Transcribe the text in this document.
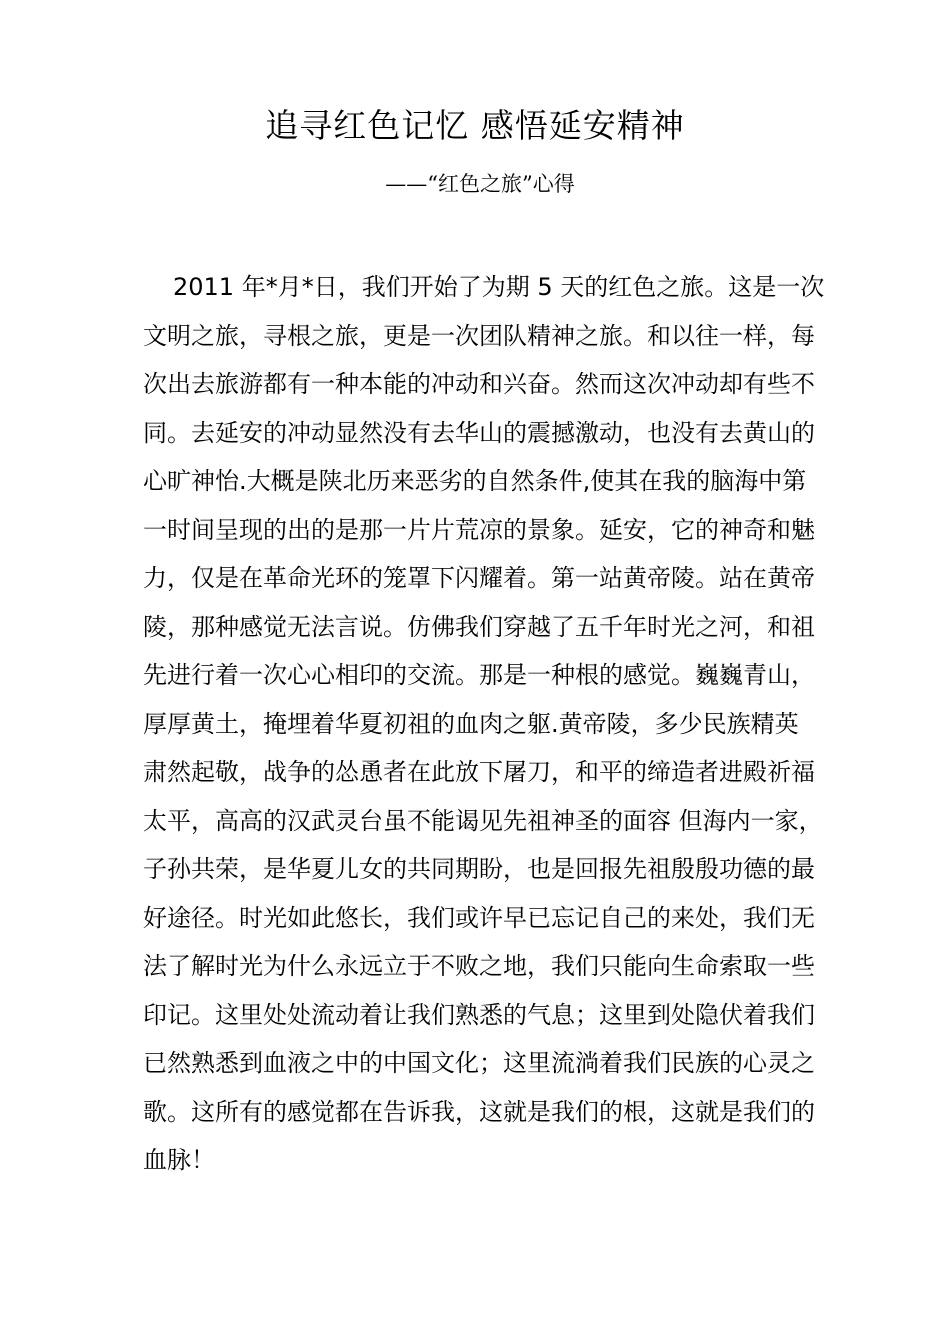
追寻红色记忆 感悟延安精神

——“红色之旅”心得

2011 年*月*日，我们开始了为期 5 天的红色之旅。这是一次
文明之旅，寻根之旅，更是一次团队精神之旅。和以往一样，每
次出去旅游都有一种本能的冲动和兴奋。然而这次冲动却有些不
同。去延安的冲动显然没有去华山的震撼激动，也没有去黄山的
心旷神怡.大概是陕北历来恶劣的自然条件,使其在我的脑海中第
一时间呈现的出的是那一片片荒凉的景象。延安，它的神奇和魅
力，仅是在革命光环的笼罩下闪耀着。第一站黄帝陵。站在黄帝
陵，那种感觉无法言说。仿佛我们穿越了五千年时光之河，和祖
先进行着一次心心相印的交流。那是一种根的感觉。巍巍青山，
厚厚黄土，掩埋着华夏初祖的血肉之躯.黄帝陵，多少民族精英
肃然起敬，战争的怂恿者在此放下屠刀，和平的缔造者进殿祈福
太平，高高的汉武灵台虽不能谒见先祖神圣的面容 但海内一家，
子孙共荣，是华夏儿女的共同期盼，也是回报先祖殷殷功德的最
好途径。时光如此悠长，我们或许早已忘记自己的来处，我们无
法了解时光为什么永远立于不败之地，我们只能向生命索取一些
印记。这里处处流动着让我们熟悉的气息；这里到处隐伏着我们
已然熟悉到血液之中的中国文化；这里流淌着我们民族的心灵之
歌。这所有的感觉都在告诉我，这就是我们的根，这就是我们的
血脉！
